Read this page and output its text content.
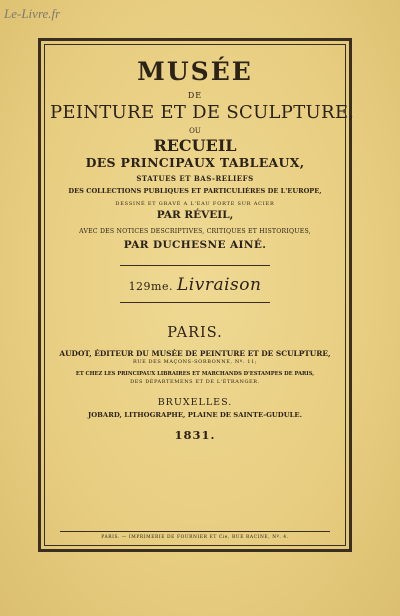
Le-Livre.fr
MUSÉE
DE
PEINTURE ET DE SCULPTURE,
OU
RECUEIL
DES PRINCIPAUX TABLEAUX,
STATUES ET BAS-RELIEFS
DES COLLECTIONS PUBLIQUES ET PARTICULIÈRES DE L'EUROPE,
DESSINÉ ET GRAVÉ A L'EAU FORTE SUR ACIER
PAR RÉVEIL,
AVEC DES NOTICES DESCRIPTIVES, CRITIQUES ET HISTORIQUES,
PAR DUCHESNE AINÉ.
129me. Livraison
PARIS.
AUDOT, ÉDITEUR DU MUSÉE DE PEINTURE ET DE SCULPTURE,
RUE DES MAÇONS-SORBONNE, Nº. 11;
ET CHEZ LES PRINCIPAUX LIBRAIRES ET MARCHANDS D'ESTAMPES DE PARIS,
DES DÉPARTEMENS ET DE L'ÉTRANGER.
BRUXELLES.
JOBARD, LITHOGRAPHE, PLAINE DE SAINTE-GUDULE.
1831.
PARIS. — IMPRIMERIE DE FOURNIER ET Cie, RUE RACINE, Nº. 4.
